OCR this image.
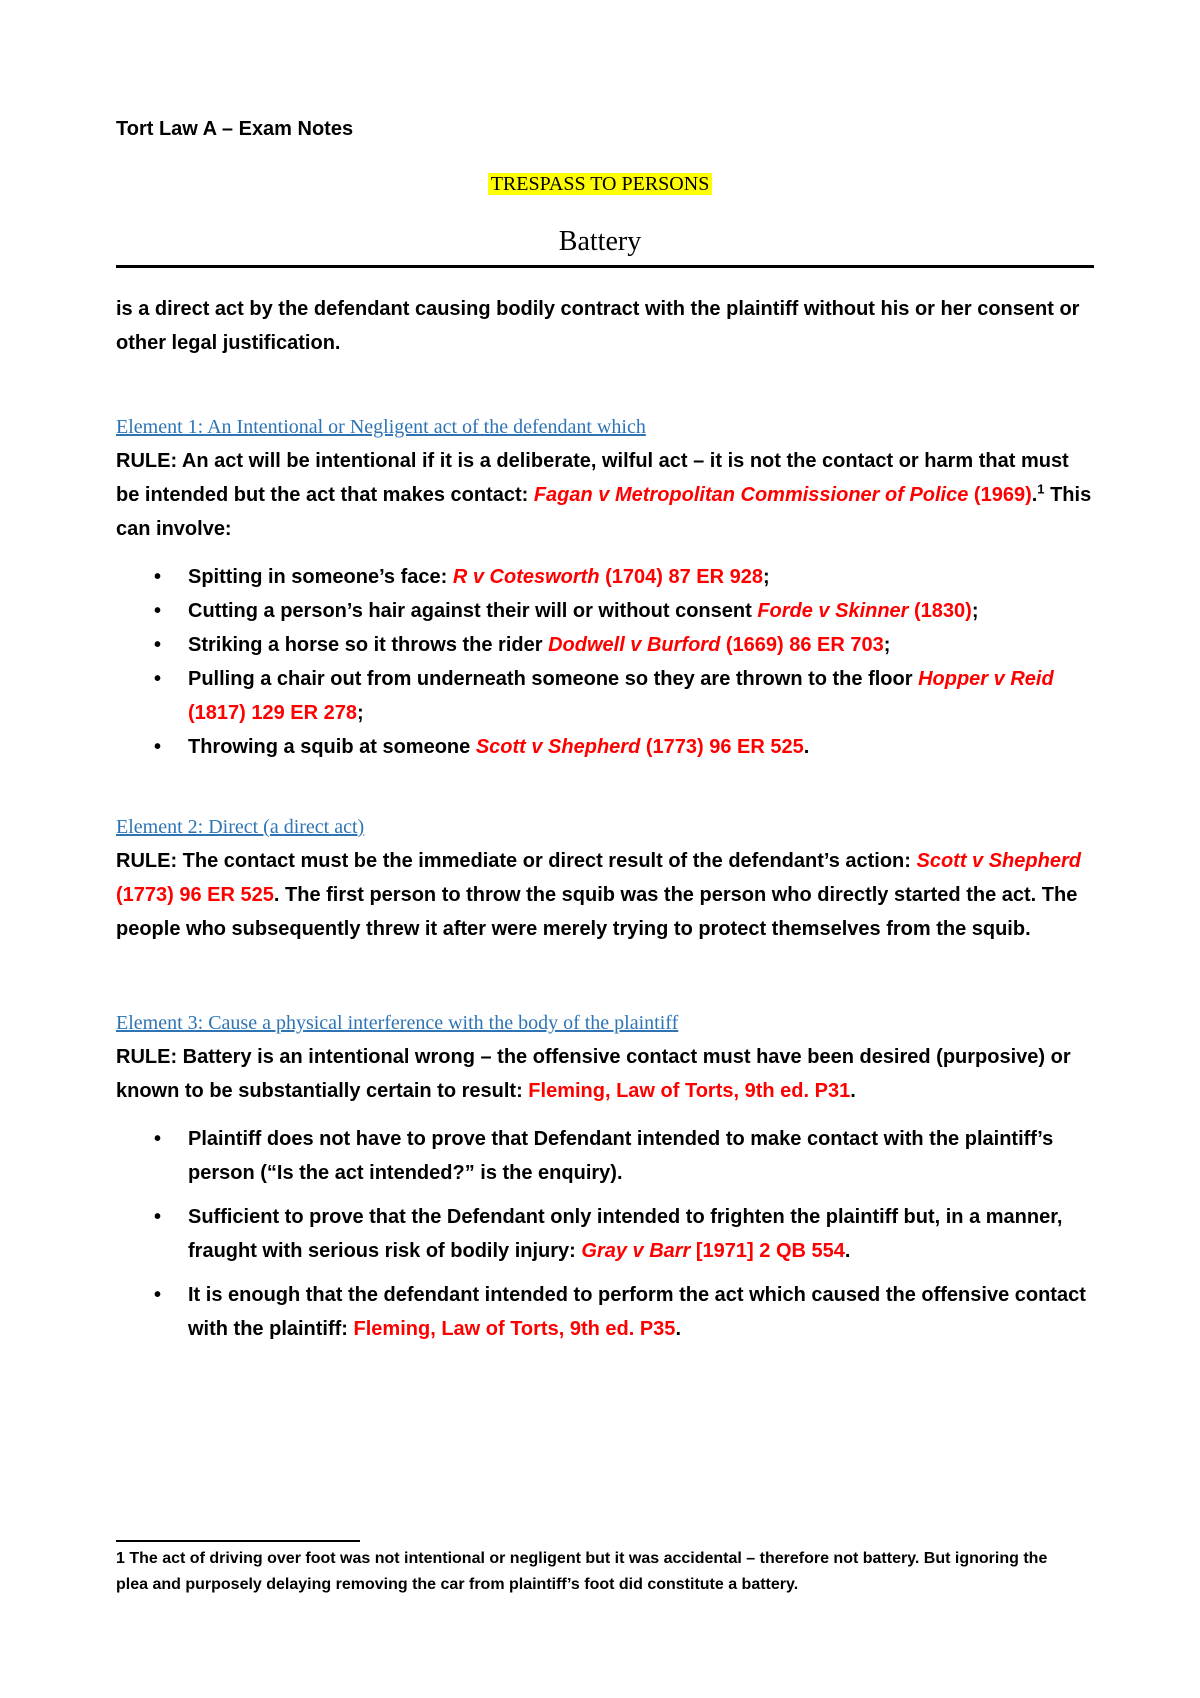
Tort Law A – Exam Notes
TRESPASS TO PERSONS
Battery

is a direct act by the defendant causing bodily contract with the plaintiff without his or her consent or other legal justification.

Element 1: An Intentional or Negligent act of the defendant which

RULE: An act will be intentional if it is a deliberate, wilful act – it is not the contact or harm that must be intended but the act that makes contact: Fagan v Metropolitan Commissioner of Police (1969).$^1$ This can involve:

• Spitting in someone’s face: R v Cotesworth (1704) 87 ER 928;
• Cutting a person’s hair against their will or without consent Forde v Skinner (1830);
• Striking a horse so it throws the rider Dodwell v Burford (1669) 86 ER 703;
• Pulling a chair out from underneath someone so they are thrown to the floor Hopper v Reid (1817) 129 ER 278;
• Throwing a squib at someone Scott v Shepherd (1773) 96 ER 525.

Element 2: Direct (a direct act)

RULE: The contact must be the immediate or direct result of the defendant’s action: Scott v Shepherd (1773) 96 ER 525. The first person to throw the squib was the person who directly started the act. The people who subsequently threw it after were merely trying to protect themselves from the squib.

Element 3: Cause a physical interference with the body of the plaintiff

RULE: Battery is an intentional wrong – the offensive contact must have been desired (purposive) or known to be substantially certain to result: Fleming, Law of Torts, 9th ed. P31.

• Plaintiff does not have to prove that Defendant intended to make contact with the plaintiff’s person (“Is the act intended?” is the enquiry).
• Sufficient to prove that the Defendant only intended to frighten the plaintiff but, in a manner, fraught with serious risk of bodily injury: Gray v Barr [1971] 2 QB 554.
• It is enough that the defendant intended to perform the act which caused the offensive contact with the plaintiff: Fleming, Law of Torts, 9th ed. P35.
1 The act of driving over foot was not intentional or negligent but it was accidental – therefore not battery. But ignoring the plea and purposely delaying removing the car from plaintiff’s foot did constitute a battery.
